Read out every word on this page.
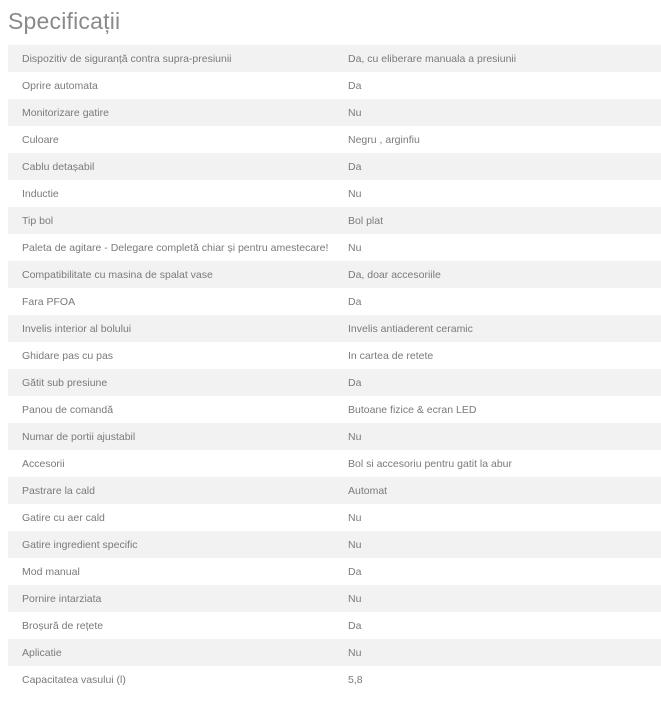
Specificații
Dispozitiv de siguranță contra supra-presiunii	Da, cu eliberare manuala a presiunii
Oprire automata	Da
Monitorizare gatire	Nu
Culoare	Negru , arginfiu
Cablu detașabil	Da
Inductie	Nu
Tip bol	Bol plat
Paleta de agitare - Delegare completă chiar și pentru amestecare!	Nu
Compatibilitate cu masina de spalat vase	Da, doar accesoriile
Fara PFOA	Da
Invelis interior al bolului	Invelis antiaderent ceramic
Ghidare pas cu pas	In cartea de retete
Gătit sub presiune	Da
Panou de comandă	Butoane fizice & ecran LED
Numar de portii ajustabil	Nu
Accesorii	Bol si accesoriu pentru gatit la abur
Pastrare la cald	Automat
Gatire cu aer cald	Nu
Gatire ingredient specific	Nu
Mod manual	Da
Pornire intarziata	Nu
Broșură de rețete	Da
Aplicatie	Nu
Capacitatea vasului (l)	5,8
